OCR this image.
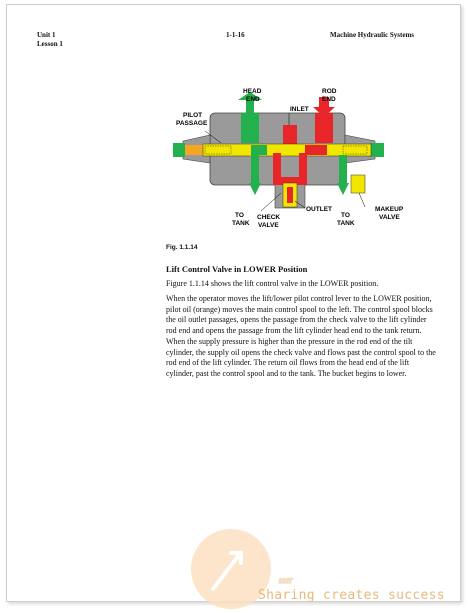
Unit 1
Lesson 1
1-1-16	Machine Hydraulic Systems
HEAD
END
ROD
END
INLET
PILOT
PASSAGE
OUTLET
TO
TANK
CHECK
VALVE
TO
TANK
MAKEUP
VALVE
Fig. 1.1.14
Lift Control Valve in LOWER Position
Figure 1.1.14 shows the lift control valve in the LOWER position.
When the operator moves the lift/lower pilot control lever to the LOWER position, pilot oil (orange) moves the main control spool to the left. The control spool blocks the oil outlet passages, opens the passage from the check valve to the lift cylinder rod end and opens the passage from the lift cylinder head end to the tank return. When the supply pressure is higher than the pressure in the rod end of the tilt cylinder, the supply oil opens the check valve and flows past the control spool to the rod end of the lift cylinder. The return oil flows from the head end of the lift cylinder, past the control spool and to the tank. The bucket begins to lower.
DHT
Sharing creates success
